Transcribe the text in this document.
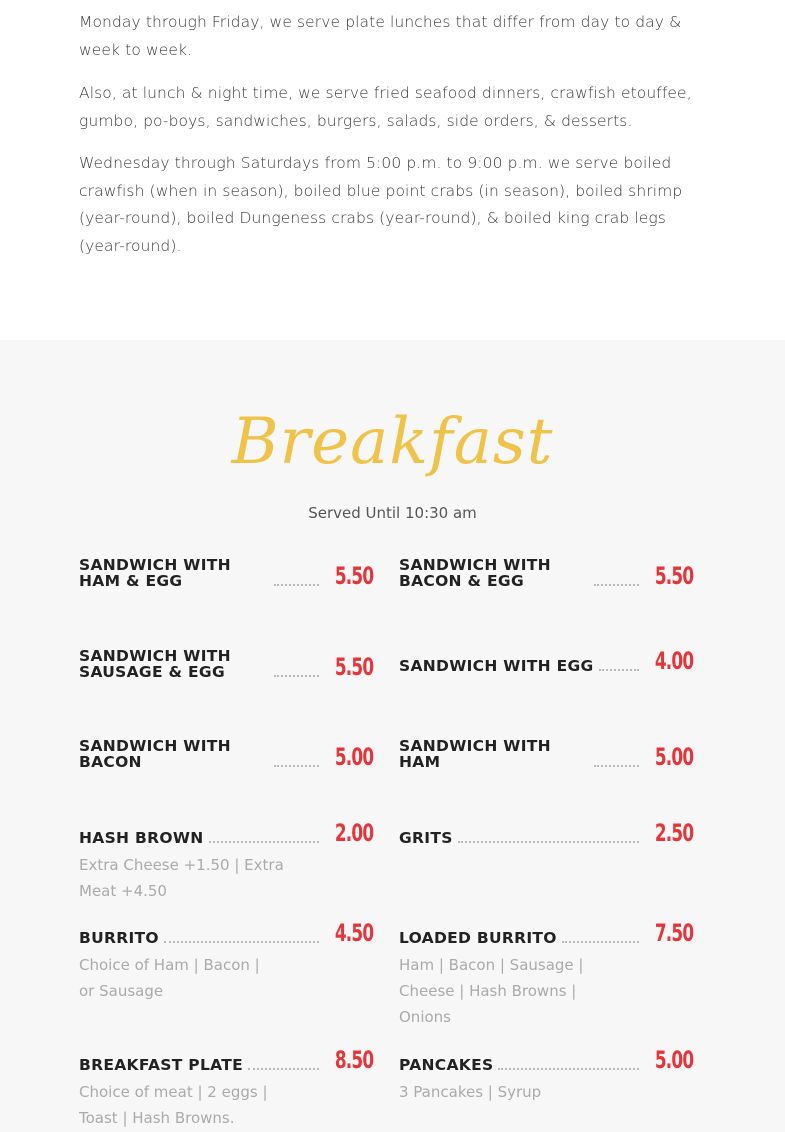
Monday through Friday, we serve plate lunches that differ from day to day & week to week.

Also, at lunch & night time, we serve fried seafood dinners, crawfish etouffee, gumbo, po-boys, sandwiches, burgers, salads, side orders, & desserts.

Wednesday through Saturdays from 5:00 p.m. to 9:00 p.m. we serve boiled crawfish (when in season), boiled blue point crabs (in season), boiled shrimp (year-round), boiled Dungeness crabs (year-round), & boiled king crab legs (year-round).

Breakfast
Served Until 10:30 am
SANDWICH WITH HAM & EGG	5.50 SANDWICH WITH BACON & EGG	5.50
SANDWICH WITH SAUSAGE & EGG	5.50 SANDWICH WITH EGG	4.00
SANDWICH WITH BACON	5.00 SANDWICH WITH HAM	5.00
HASH BROWN	2.00
Extra Cheese +1.50 | Extra Meat +4.50
GRITS	2.50
BURRITO	4.50
Choice of Ham | Bacon | or Sausage
LOADED BURRITO	7.50
Ham | Bacon | Sausage | Cheese | Hash Browns | Onions
BREAKFAST PLATE	8.50
Choice of meat | 2 eggs | Toast | Hash Browns.
PANCAKES	5.00
3 Pancakes | Syrup
